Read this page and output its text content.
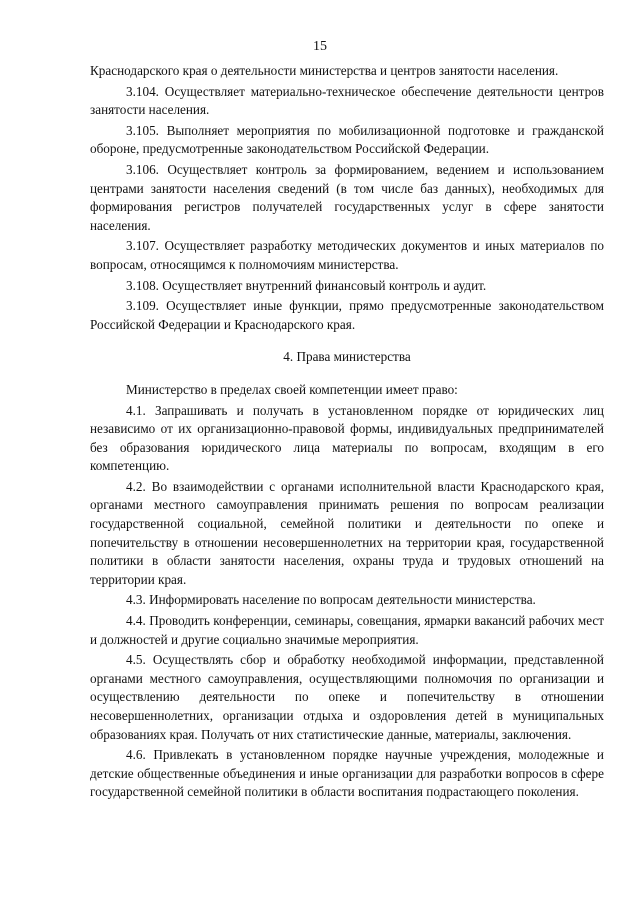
15

Краснодарского края о деятельности министерства и центров занятости населения.

3.104. Осуществляет материально-техническое обеспечение деятельности центров занятости населения.

3.105. Выполняет мероприятия по мобилизационной подготовке и гражданской обороне, предусмотренные законодательством Российской Федерации.

3.106. Осуществляет контроль за формированием, ведением и использованием центрами занятости населения сведений (в том числе баз данных), необходимых для формирования регистров получателей государственных услуг в сфере занятости населения.

3.107. Осуществляет разработку методических документов и иных материалов по вопросам, относящимся к полномочиям министерства.

3.108. Осуществляет внутренний финансовый контроль и аудит.

3.109. Осуществляет иные функции, прямо предусмотренные законодательством Российской Федерации и Краснодарского края.

4. Права министерства

Министерство в пределах своей компетенции имеет право:

4.1. Запрашивать и получать в установленном порядке от юридических лиц независимо от их организационно-правовой формы, индивидуальных предпринимателей без образования юридического лица материалы по вопросам, входящим в его компетенцию.

4.2. Во взаимодействии с органами исполнительной власти Краснодарского края, органами местного самоуправления принимать решения по вопросам реализации государственной социальной, семейной политики и деятельности по опеке и попечительству в отношении несовершеннолетних на территории края, государственной политики в области занятости населения, охраны труда и трудовых отношений на территории края.

4.3. Информировать население по вопросам деятельности министерства.

4.4. Проводить конференции, семинары, совещания, ярмарки вакансий рабочих мест и должностей и другие социально значимые мероприятия.

4.5. Осуществлять сбор и обработку необходимой информации, представленной органами местного самоуправления, осуществляющими полномочия по организации и осуществлению деятельности по опеке и попечительству в отношении несовершеннолетних, организации отдыха и оздоровления детей в муниципальных образованиях края. Получать от них статистические данные, материалы, заключения.

4.6. Привлекать в установленном порядке научные учреждения, молодежные и детские общественные объединения и иные организации для разработки вопросов в сфере государственной семейной политики в области воспитания подрастающего поколения.
